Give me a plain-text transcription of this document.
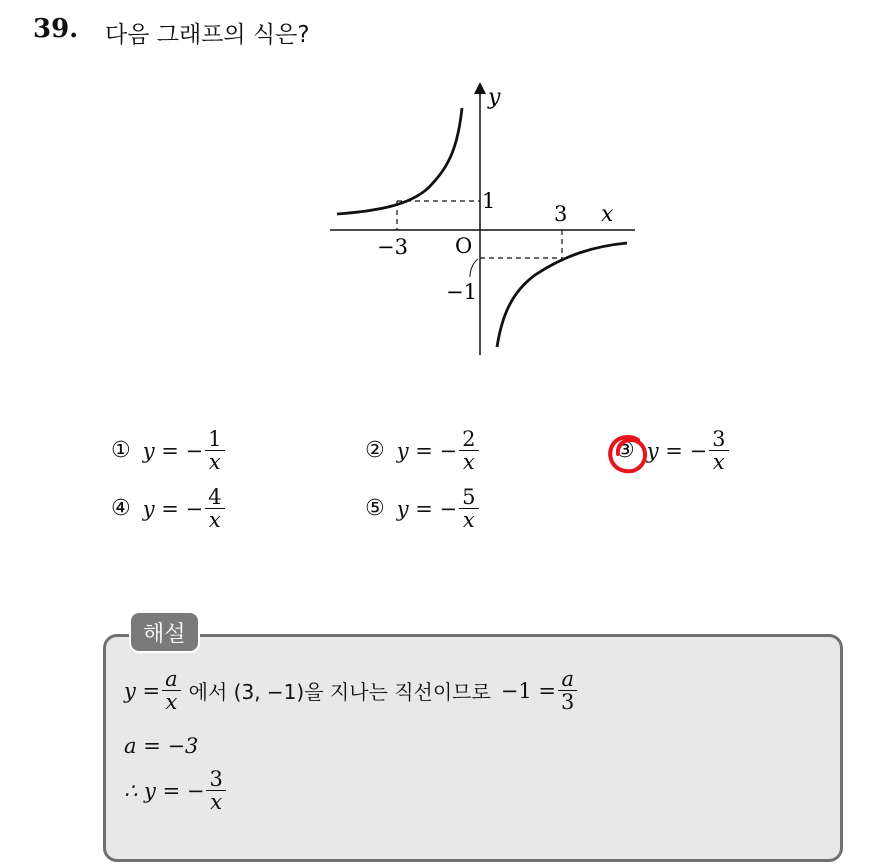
39. 다음 그래프의 식은?
y
x
O
3
−3
1
−1
① y = − $\frac{1}{x}$	② y = − $\frac{2}{x}$	③ y = − $\frac{3}{x}$
④ y = − $\frac{4}{x}$	⑤ y = − $\frac{5}{x}$
해설
$y = \frac{a}{x}$ 에서 (3, −1)을 지나는 직선이므로 $-1 = \frac{a}{3}$
a = −3
∴ y = − $\frac{3}{x}$
